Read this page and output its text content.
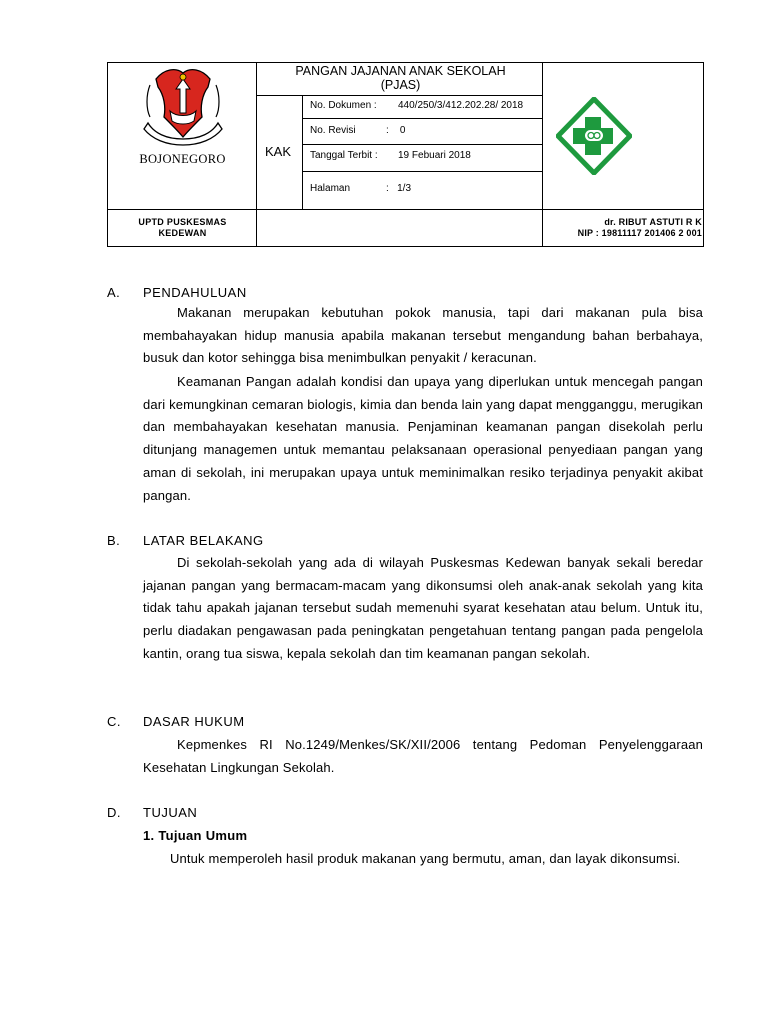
BOJONEGORO
PANGAN JAJANAN ANAK SEKOLAH
(PJAS)
KAK
No. Dokumen : 440/250/3/412.202.28/ 2018
No. Revisi	:    0
Tanggal Terbit : 19 Febuari 2018
Halaman	:   1/3
UPTD PUSKESMAS
KEDEWAN
dr. RIBUT ASTUTI R K
NIP : 19811117 201406 2 001
A. PENDAHULUAN
Makanan merupakan kebutuhan pokok manusia, tapi dari makanan pula bisa membahayakan hidup manusia apabila makanan tersebut mengandung bahan berbahaya, busuk dan kotor sehingga bisa menimbulkan penyakit / keracunan.
Keamanan Pangan adalah kondisi dan upaya yang diperlukan untuk mencegah pangan dari kemungkinan cemaran biologis, kimia dan benda lain yang dapat mengganggu, merugikan dan membahayakan kesehatan manusia. Penjaminan keamanan pangan disekolah perlu ditunjang managemen untuk memantau pelaksanaan operasional penyediaan pangan yang aman di sekolah, ini merupakan upaya untuk meminimalkan resiko terjadinya penyakit akibat pangan.
B. LATAR BELAKANG
Di sekolah-sekolah yang ada di wilayah Puskesmas Kedewan banyak sekali beredar jajanan pangan yang bermacam-macam yang dikonsumsi oleh anak-anak sekolah yang kita tidak tahu apakah jajanan tersebut sudah memenuhi syarat kesehatan atau belum. Untuk itu, perlu diadakan pengawasan pada peningkatan pengetahuan tentang pangan pada pengelola kantin, orang tua siswa, kepala sekolah dan tim keamanan pangan sekolah.
C. DASAR HUKUM
Kepmenkes RI No.1249/Menkes/SK/XII/2006 tentang Pedoman Penyelenggaraan Kesehatan Lingkungan Sekolah.
D. TUJUAN
1. Tujuan Umum
Untuk memperoleh hasil produk makanan yang bermutu, aman, dan layak dikonsumsi.
